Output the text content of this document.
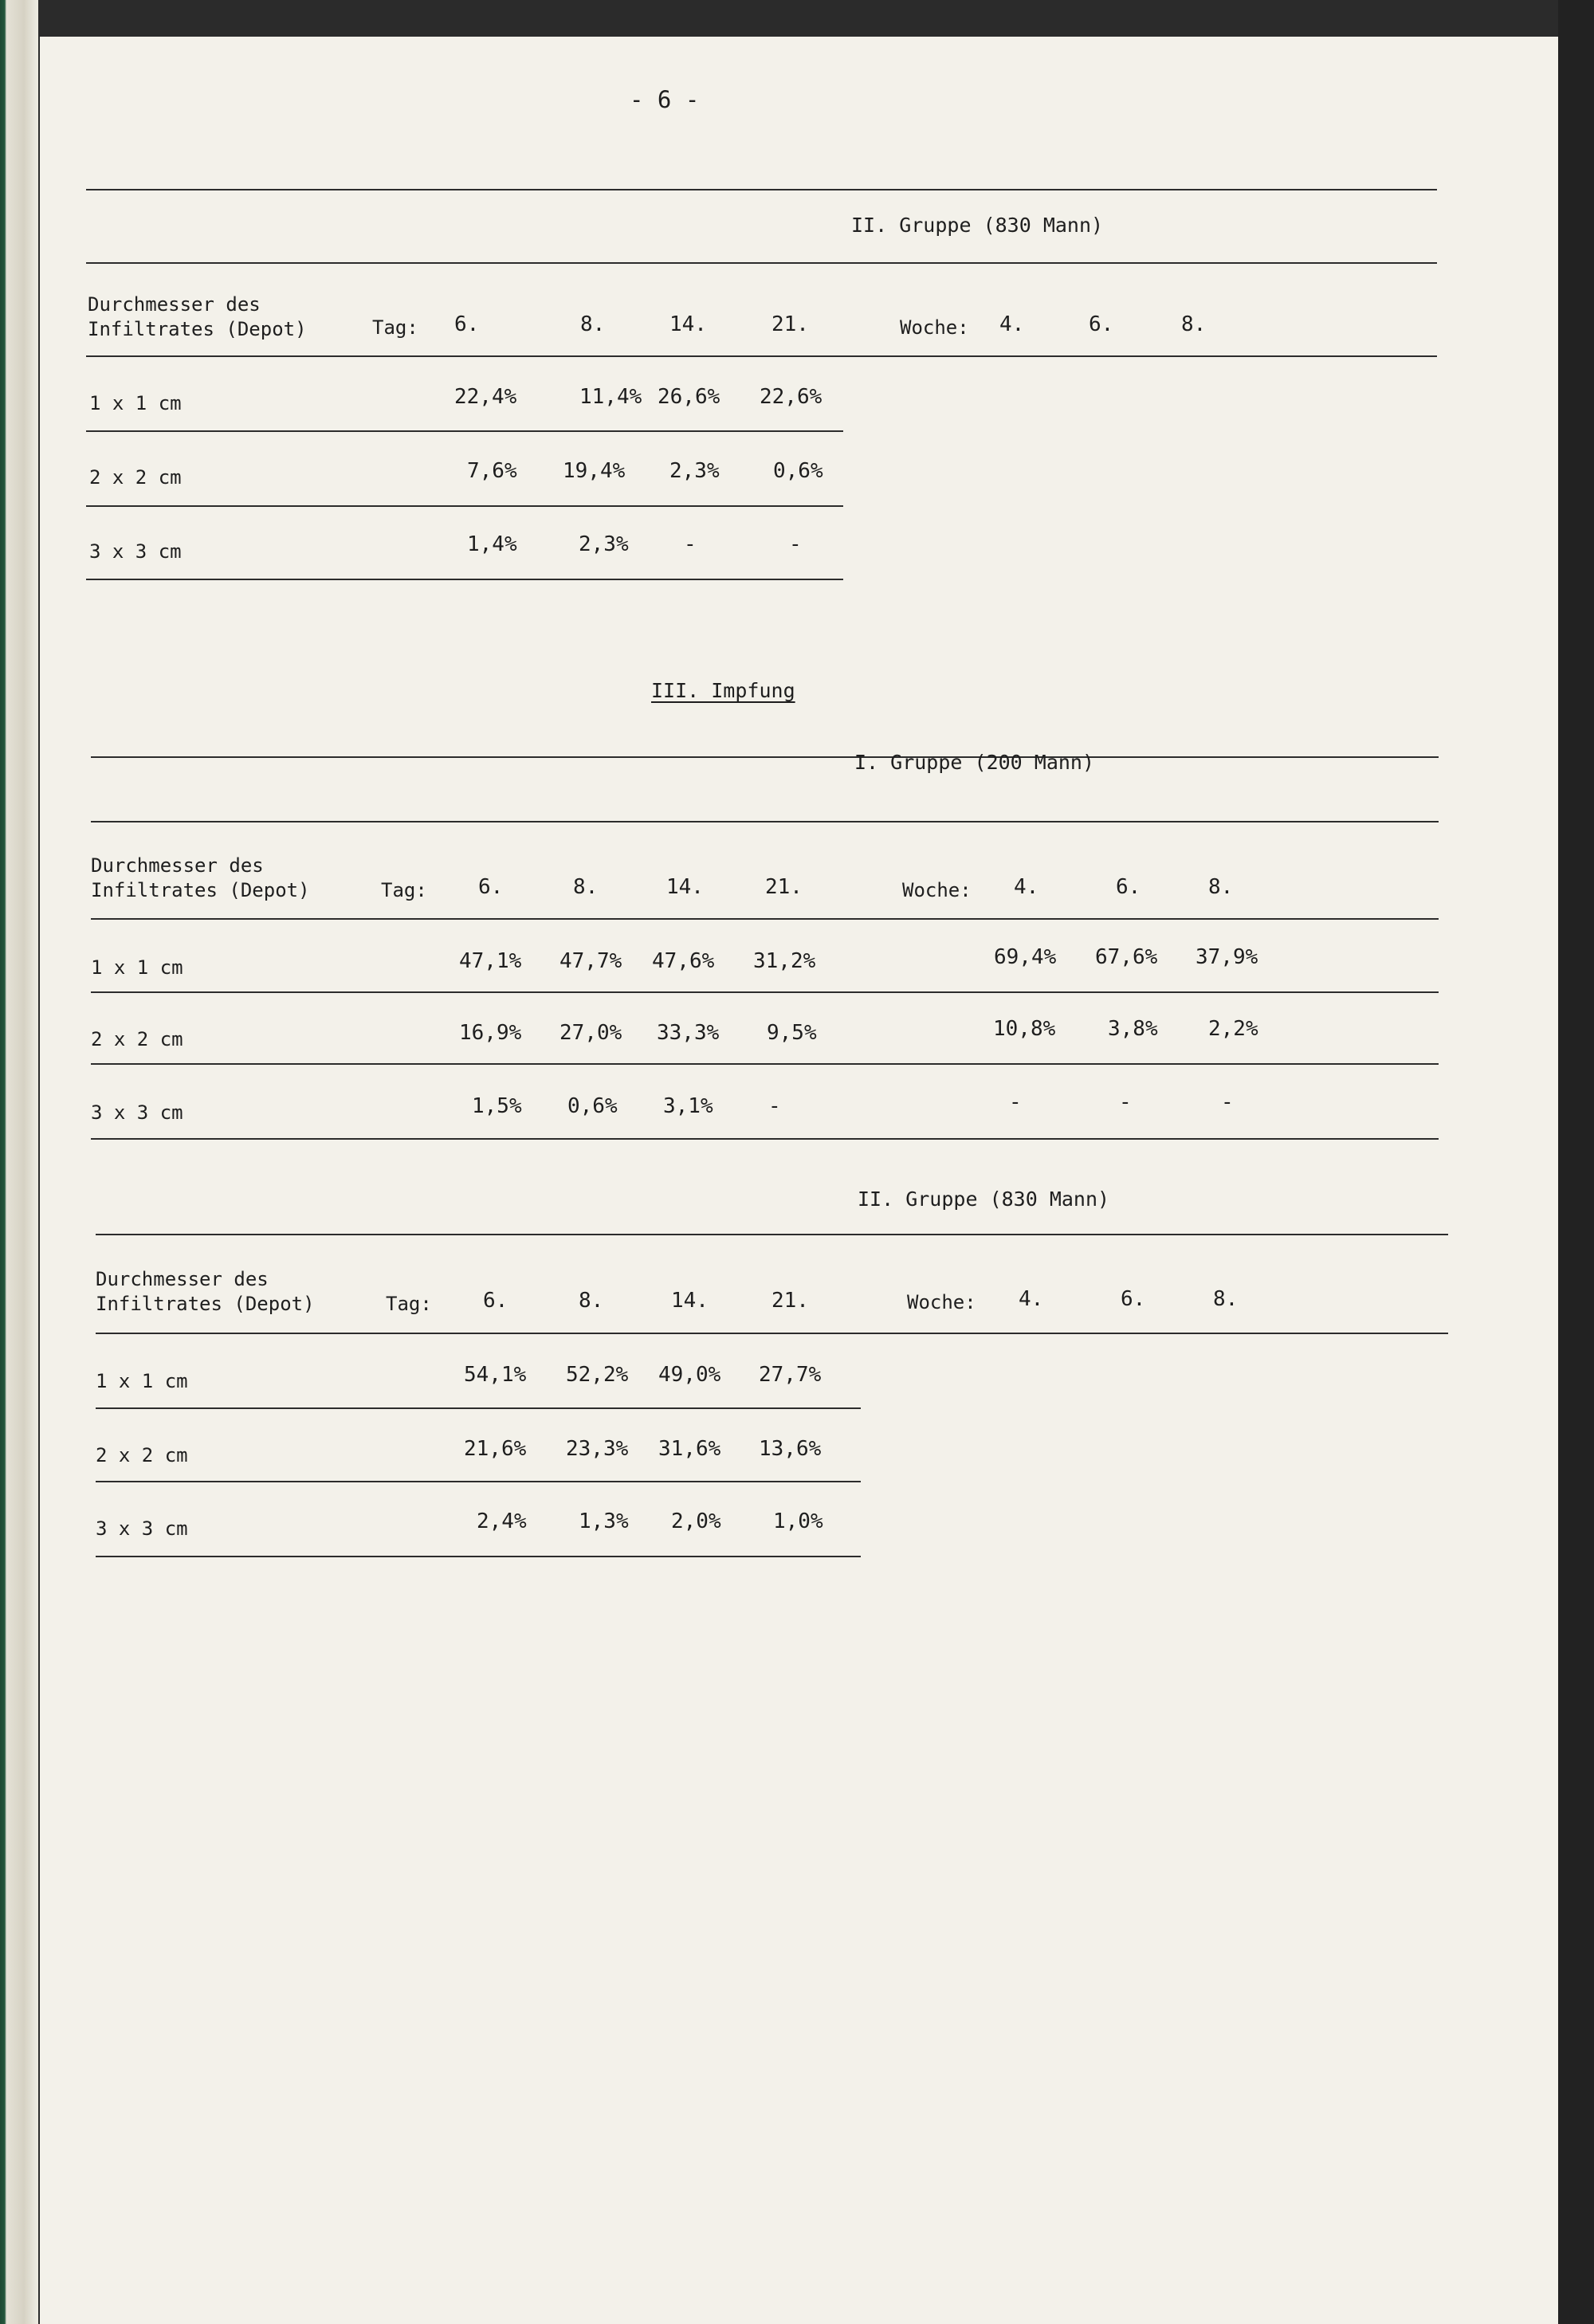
- 6 -
II. Gruppe (830 Mann)
Durchmesser des
Infiltrates (Depot)	Tag: 6.	8.	14.	21.	Woche: 4.	6.	8.
1 x 1 cm	22,4%	11,4% 26,6% 22,6%
2 x 2 cm	7,6% 19,4% 2,3%	0,6%
3 x 3 cm	1,4%	2,3%	-	-
III. Impfung
I. Gruppe (200 Mann)
Durchmesser des
Infiltrates (Depot)	Tag: 6.	8.	14.	21.	Woche: 4.	6.	8.
1 x 1 cm	47,1% 47,7% 47,6% 31,2%	69,4% 67,6% 37,9%
2 x 2 cm	16,9% 27,0% 33,3% 9,5%	10,8%	3,8% 2,2%
3 x 3 cm	1,5% 0,6% 3,1%	-	-	-	-
II. Gruppe (830 Mann)
Durchmesser des
Infiltrates (Depot)	Tag: 6.	8.	14.	21.	Woche: 4.	6.	8.
1 x 1 cm	54,1% 52,2% 49,0% 27,7%
2 x 2 cm	21,6% 23,3% 31,6% 13,6%
3 x 3 cm	2,4%	1,3% 2,0%	1,0%
